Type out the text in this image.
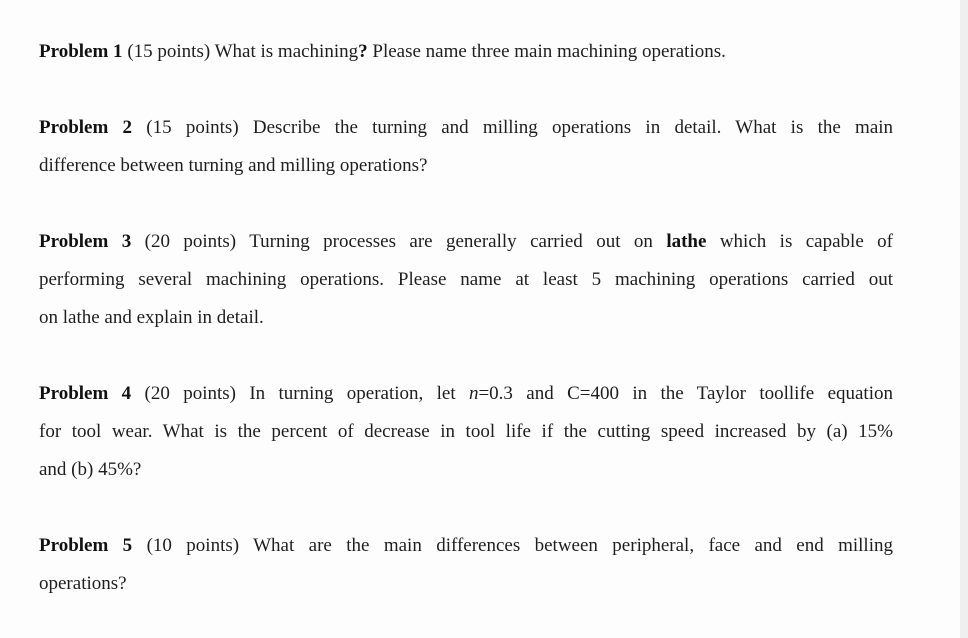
Problem 1 (15 points) What is machining? Please name three main machining operations.
Problem 2 (15 points) Describe the turning and milling operations in detail. What is the main
difference between turning and milling operations?
Problem 3 (20 points) Turning processes are generally carried out on lathe which is capable of
performing several machining operations. Please name at least 5 machining operations carried out
on lathe and explain in detail.
Problem 4 (20 points) In turning operation, let n=0.3 and C=400 in the Taylor toollife equation
for tool wear. What is the percent of decrease in tool life if the cutting speed increased by (a) 15%
and (b) 45%?
Problem 5 (10 points) What are the main differences between peripheral, face and end milling
operations?
